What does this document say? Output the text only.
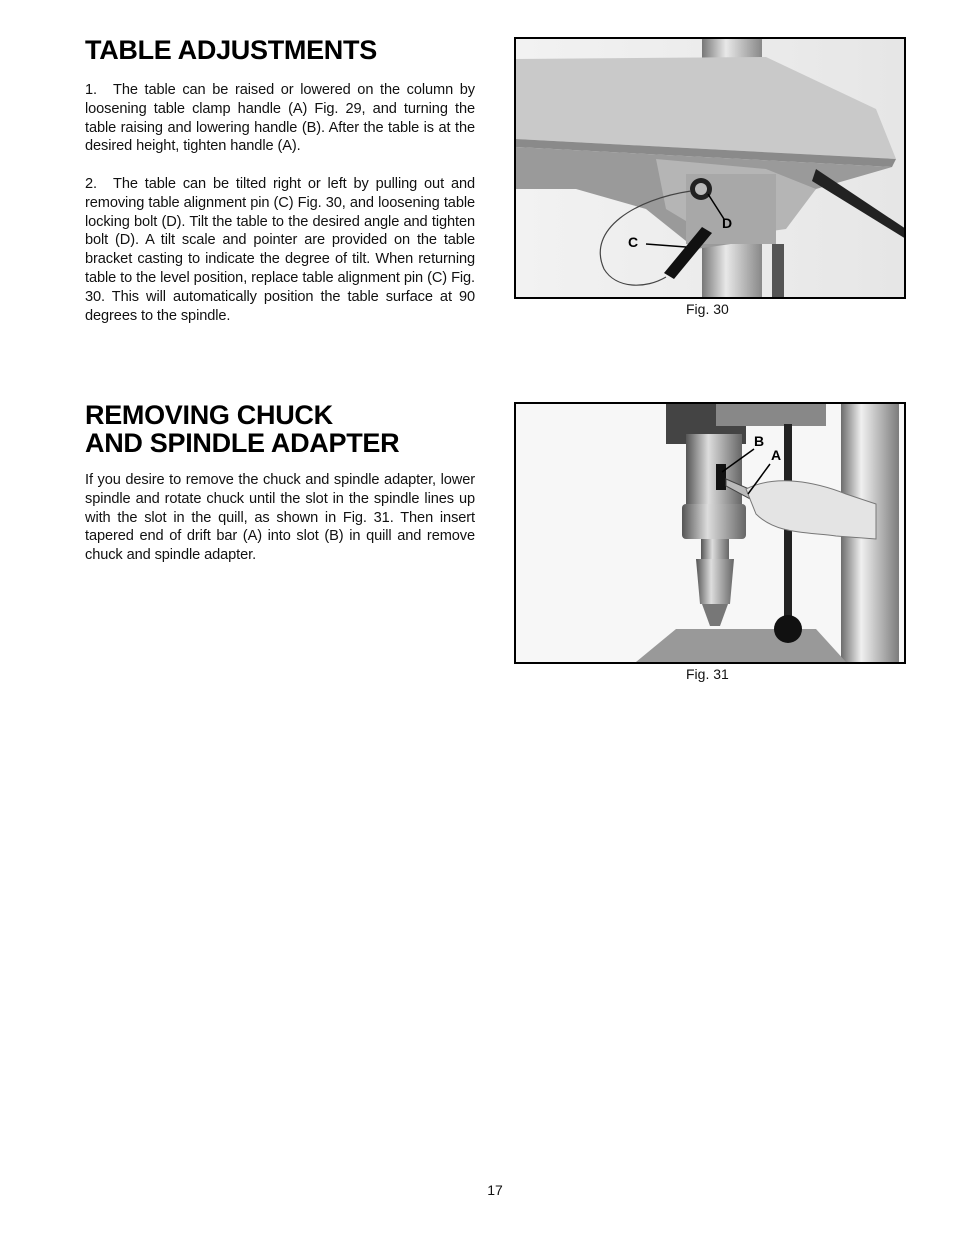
TABLE ADJUSTMENTS

1. The table can be raised or lowered on the column by loosening table clamp handle (A) Fig. 29, and turning the table raising and lowering handle (B). After the table is at the desired height, tighten handle (A).

2. The table can be tilted right or left by pulling out and removing table alignment pin (C) Fig. 30, and loosening table locking bolt (D). Tilt the table to the desired angle and tighten bolt (D). A tilt scale and pointer are provided on the table bracket casting to indicate the degree of tilt. When returning table to the level position, replace table alignment pin (C) Fig. 30. This will automatically position the table surface at 90 degrees to the spindle.

C
D
Fig. 30
REMOVING CHUCK
AND SPINDLE ADAPTER

If you desire to remove the chuck and spindle adapter, lower spindle and rotate chuck until the slot in the spindle lines up with the slot in the quill, as shown in Fig. 31. Then insert tapered end of drift bar (A) into slot (B) in quill and remove chuck and spindle adapter.

B
A
Fig. 31
17
